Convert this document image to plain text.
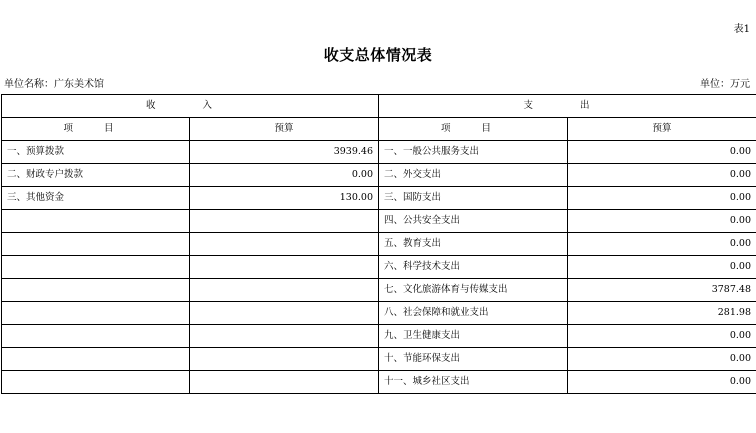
表1
收支总体情况表
单位名称：广东美术馆	单位：万元
收 入		支 出	
项 目	预算	项 目	预算
一、预算拨款	3939.46	一、一般公共服务支出	0.00
二、财政专户拨款	0.00	二、外交支出	0.00
三、其他资金	130.00	三、国防支出	0.00
		四、公共安全支出	0.00
		五、教育支出	0.00
		六、科学技术支出	0.00
		七、文化旅游体育与传媒支出	3787.48
		八、社会保障和就业支出	281.98
		九、卫生健康支出	0.00
		十、节能环保支出	0.00
		十一、城乡社区支出	0.00
